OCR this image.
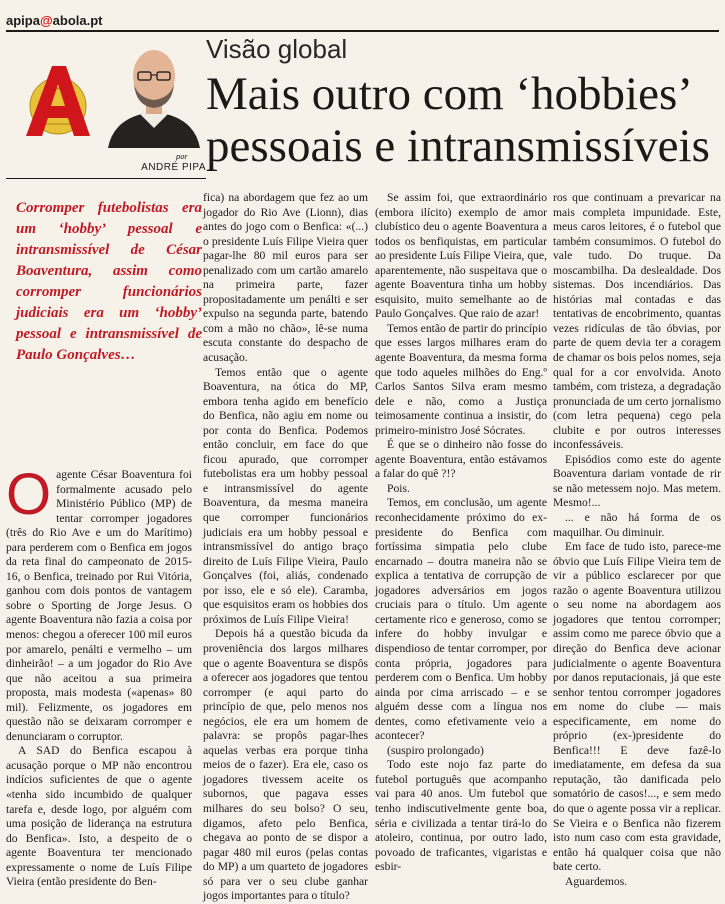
apipa@abola.pt
por
ANDRÉ PIPA
Visão global
Mais outro com ‘hobbies’ pessoais e intransmissíveis

Corromper futebolistas era um ‘hobby’ pessoal e intransmissível de César Boaventura, assim como corromper funcionários judiciais era um ‘hobby’ pessoal e intransmissível de Paulo Gonçalves…

O agente César Boaventura foi formalmente acusado pelo Ministério Público (MP) de tentar corromper jogadores (três do Rio Ave e um do Marítimo) para perderem com o Benfica em jogos da reta final do campeonato de 2015-16, o Benfica, treinado por Rui Vitória, ganhou com dois pontos de vantagem sobre o Sporting de Jorge Jesus. O agente Boaventura não fazia a coisa por menos: chegou a oferecer 100 mil euros por amarelo, penálti e vermelho – um dinheirão! – a um jogador do Rio Ave que não aceitou a sua primeira proposta, mais modesta («apenas» 80 mil). Felizmente, os jogadores em questão não se deixaram corromper e denunciaram o corruptor.

A SAD do Benfica escapou à acusação porque o MP não encontrou indícios suficientes de que o agente «tenha sido incumbido de qualquer tarefa e, desde logo, por alguém com uma posição de liderança na estrutura do Benfica». Isto, a despeito de o agente Boaventura ter mencionado expressamente o nome de Luís Filipe Vieira (então presidente do Ben-

fica) na abordagem que fez ao um jogador do Rio Ave (Lionn), dias antes do jogo com o Benfica: «(...) o presidente Luís Filipe Vieira quer pagar-lhe 80 mil euros para ser penalizado com um cartão amarelo na primeira parte, fazer propositadamente um penálti e ser expulso na segunda parte, batendo com a mão no chão», lê-se numa escuta constante do despacho de acusação.

Temos então que o agente Boaventura, na ótica do MP, embora tenha agido em benefício do Benfica, não agiu em nome ou por conta do Benfica. Podemos então concluir, em face do que ficou apurado, que corromper futebolistas era um hobby pessoal e intransmissível do agente Boaventura, da mesma maneira que corromper funcionários judiciais era um hobby pessoal e intransmissível do antigo braço direito de Luís Filipe Vieira, Paulo Gonçalves (foi, aliás, condenado por isso, ele e só ele). Caramba, que esquisitos eram os hobbies dos próximos de Luís Filipe Vieira!

Depois há a questão bicuda da proveniência dos largos milhares que o agente Boaventura se dispôs a oferecer aos jogadores que tentou corromper (e aqui parto do princípio de que, pelo menos nos negócios, ele era um homem de palavra: se propôs pagar-lhes aquelas verbas era porque tinha meios de o fazer). Era ele, caso os jogadores tivessem aceite os subornos, que pagava esses milhares do seu bolso? O seu, digamos, afeto pelo Benfica, chegava ao ponto de se dispor a pagar 480 mil euros (pelas contas do MP) a um quarteto de jogadores só para ver o seu clube ganhar jogos importantes para o título?

Se assim foi, que extraordinário (embora ilícito) exemplo de amor clubístico deu o agente Boaventura a todos os benfiquistas, em particular ao presidente Luís Filipe Vieira, que, aparentemente, não suspeitava que o agente Boaventura tinha um hobby esquisito, muito semelhante ao de Paulo Gonçalves. Que raio de azar!

Temos então de partir do princípio que esses largos milhares eram do agente Boaventura, da mesma forma que todo aqueles milhões do Eng.º Carlos Santos Silva eram mesmo dele e não, como a Justiça teimosamente continua a insistir, do primeiro-ministro José Sócrates.

É que se o dinheiro não fosse do agente Boaventura, então estávamos a falar do quê ?!?

Pois.

Temos, em conclusão, um agente reconhecidamente próximo do ex-presidente do Benfica com fortíssima simpatia pelo clube encarnado – doutra maneira não se explica a tentativa de corrupção de jogadores adversários em jogos cruciais para o título. Um agente certamente rico e generoso, como se infere do hobby invulgar e dispendioso de tentar corromper, por conta própria, jogadores para perderem com o Benfica. Um hobby ainda por cima arriscado – e se alguém desse com a língua nos dentes, como efetivamente veio a acontecer?

(suspiro prolongado)

Todo este nojo faz parte do futebol português que acompanho vai para 40 anos. Um futebol que tenho indiscutivelmente gente boa, séria e civilizada a tentar tirá-lo do atoleiro, continua, por outro lado, povoado de traficantes, vigaristas e esbir-

ros que continuam a prevaricar na mais completa impunidade. Este, meus caros leitores, é o futebol que também consumimos. O futebol do vale tudo. Do truque. Da moscambilha. Da deslealdade. Dos sistemas. Dos incendiários. Das histórias mal contadas e das tentativas de encobrimento, quantas vezes ridículas de tão óbvias, por parte de quem devia ter a coragem de chamar os bois pelos nomes, seja qual for a cor envolvida. Anoto também, com tristeza, a degradação pronunciada de um certo jornalismo (com letra pequena) cego pela clubite e por outros interesses inconfessáveis.

Episódios como este do agente Boaventura dariam vontade de rir se não metessem nojo. Mas metem. Mesmo!...

... e não há forma de os maquilhar. Ou diminuir.

Em face de tudo isto, parece-me óbvio que Luís Filipe Vieira tem de vir a público esclarecer por que razão o agente Boaventura utilizou o seu nome na abordagem aos jogadores que tentou corromper; assim como me parece óbvio que a direção do Benfica deve acionar judicialmente o agente Boaventura por danos reputacionais, já que este senhor tentou corromper jogadores em nome do clube — mais especificamente, em nome do próprio (ex-)presidente do Benfica!!! E deve fazê-lo imediatamente, em defesa da sua reputação, tão danificada pelo somatório de casos!..., e sem medo do que o agente possa vir a replicar. Se Vieira e o Benfica não fizerem isto num caso com esta gravidade, então há qualquer coisa que não bate certo.

Aguardemos.
